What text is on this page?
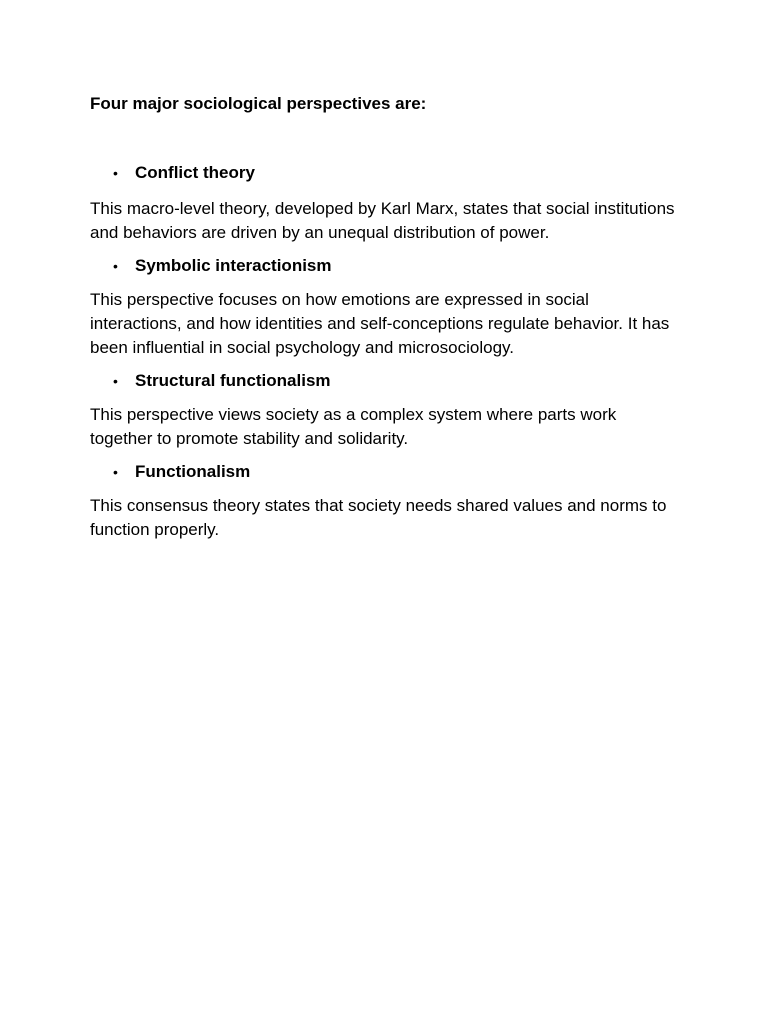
Four major sociological perspectives are:

•	Conflict theory

This macro-level theory, developed by Karl Marx, states that social institutions and behaviors are driven by an unequal distribution of power.

•	Symbolic interactionism

This perspective focuses on how emotions are expressed in social interactions, and how identities and self-conceptions regulate behavior. It has been influential in social psychology and microsociology.

•	Structural functionalism

This perspective views society as a complex system where parts work together to promote stability and solidarity.

•	Functionalism

This consensus theory states that society needs shared values and norms to function properly.
